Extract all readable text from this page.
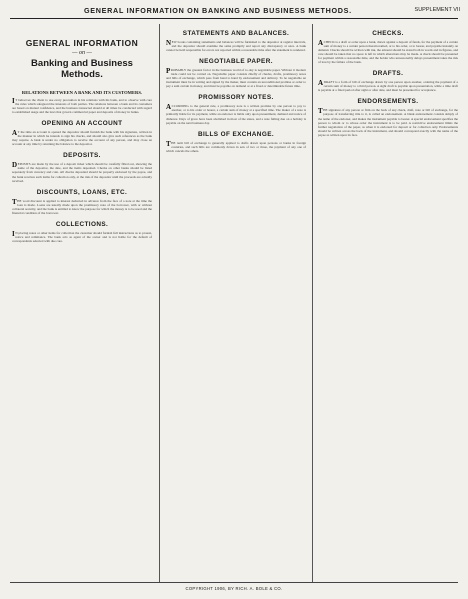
GENERAL INFORMATION ON BANKING AND BUSINESS METHODS.	SUPPLEMENT VII
GENERAL INFORMATION
— on —
Banking and Business Methods.
RELATIONS BETWEEN A BANK AND ITS CUSTOMERS.

IT behooves the client to use every precaution in his relations with his bank, and to observe with care the rules which safeguard the interests of both parties. The relations between a bank and its customers are based on mutual confidence, and the business transacted should at all times be conducted with regard to established usage and the laws that govern commercial paper and deposits of money in banks.

OPENING AN ACCOUNT

AT the time an account is opened the depositor should furnish the bank with his signature, written in the manner in which he intends to sign his checks, and should also give such references as the bank may require. A bank is under no obligation to receive the account of any person, and may close an account at any time by returning the balance to the depositor.

DEPOSITS.

DEPOSITS are made by the use of a deposit ticket which should be carefully filled out, showing the name of the depositor, the date, and the items deposited. Checks on other banks should be listed separately from currency and coin. All checks deposited should be properly endorsed by the payee, and the bank receives such items for collection only, at the risk of the depositor until the proceeds are actually received.

DISCOUNTS, LOANS, ETC.

THE word discount is applied to interest deducted in advance from the face of a note at the time the loan is made. Loans are usually made upon the promissory note of the borrower, with or without collateral security, and the bank is entitled to know the purpose for which the money is to be used and the financial condition of the borrower.

COLLECTIONS.

IN placing notes or other items for collection the customer should furnish full instructions as to protest, notice and remittance. The bank acts as agent of the owner and is not liable for the default of correspondents selected with due care.

STATEMENTS AND BALANCES.

NEW books containing statements and balances will be furnished to the depositor at regular intervals, and the depositor should examine the same promptly and report any discrepancy at once. A bank cannot be held responsible for errors not reported within a reasonable time after the statement is rendered.

NEGOTIABLE PAPER.

PROBABLY the greatest factor in the business world of to-day is negotiable paper. Without it modern trade could not be carried on. Negotiable paper consists chiefly of checks, drafts, promissory notes and bills of exchange, which pass from hand to hand by endorsement and delivery. To be negotiable an instrument must be in writing and signed by the maker, must contain an unconditional promise or order to pay a sum certain in money, and must be payable on demand or at a fixed or determinable future time.

PROMISSORY NOTES.

ACCORDING to the general rule, a promissory note is a written promise by one person to pay to another, or to his order or bearer, a certain sum of money at a specified time. The maker of a note is primarily liable for its payment, while an endorser is liable only upon presentment, demand and notice of dishonor. Days of grace have been abolished in most of the states, and a note falling due on a holiday is payable on the next business day.

BILLS OF EXCHANGE.

THE term bill of exchange is generally applied to drafts drawn upon persons or banks in foreign countries, and such bills are commonly drawn in sets of two or three, the payment of any one of which cancels the others.

CHECKS.

ACHECK is a draft or order upon a bank, drawn against a deposit of funds, for the payment of a certain sum of money to a certain person therein named, or to his order, or to bearer, and payable instantly on demand. Checks should be written with ink, the amount should be stated both in words and in figures, and care should be taken that no space is left in which alterations may be made. A check should be presented for payment within a reasonable time, and the holder who unreasonably delays presentment takes the risk of loss by the failure of the bank.

DRAFTS.

ADRAFT is a form of bill of exchange drawn by one person upon another, ordering the payment of a certain sum of money to a third person. A sight draft is payable upon presentation, while a time draft is payable at a fixed period after sight or after date, and must be presented for acceptance.

ENDORSEMENTS.

THE signature of any person or firm on the back of any check, draft, note or bill of exchange, for the purpose of transferring title to it, is called an endorsement. A blank endorsement consists simply of the name of the endorser, and makes the instrument payable to bearer. A special endorsement specifies the person to whom or to whose order the instrument is to be paid. A restrictive endorsement limits the further negotiation of the paper, as when it is endorsed for deposit or for collection only. Endorsements should be written across the back of the instrument, and should correspond exactly with the name of the payee as written upon its face.

COPYRIGHT 1906, BY RICH. A. BOLE & CO.
